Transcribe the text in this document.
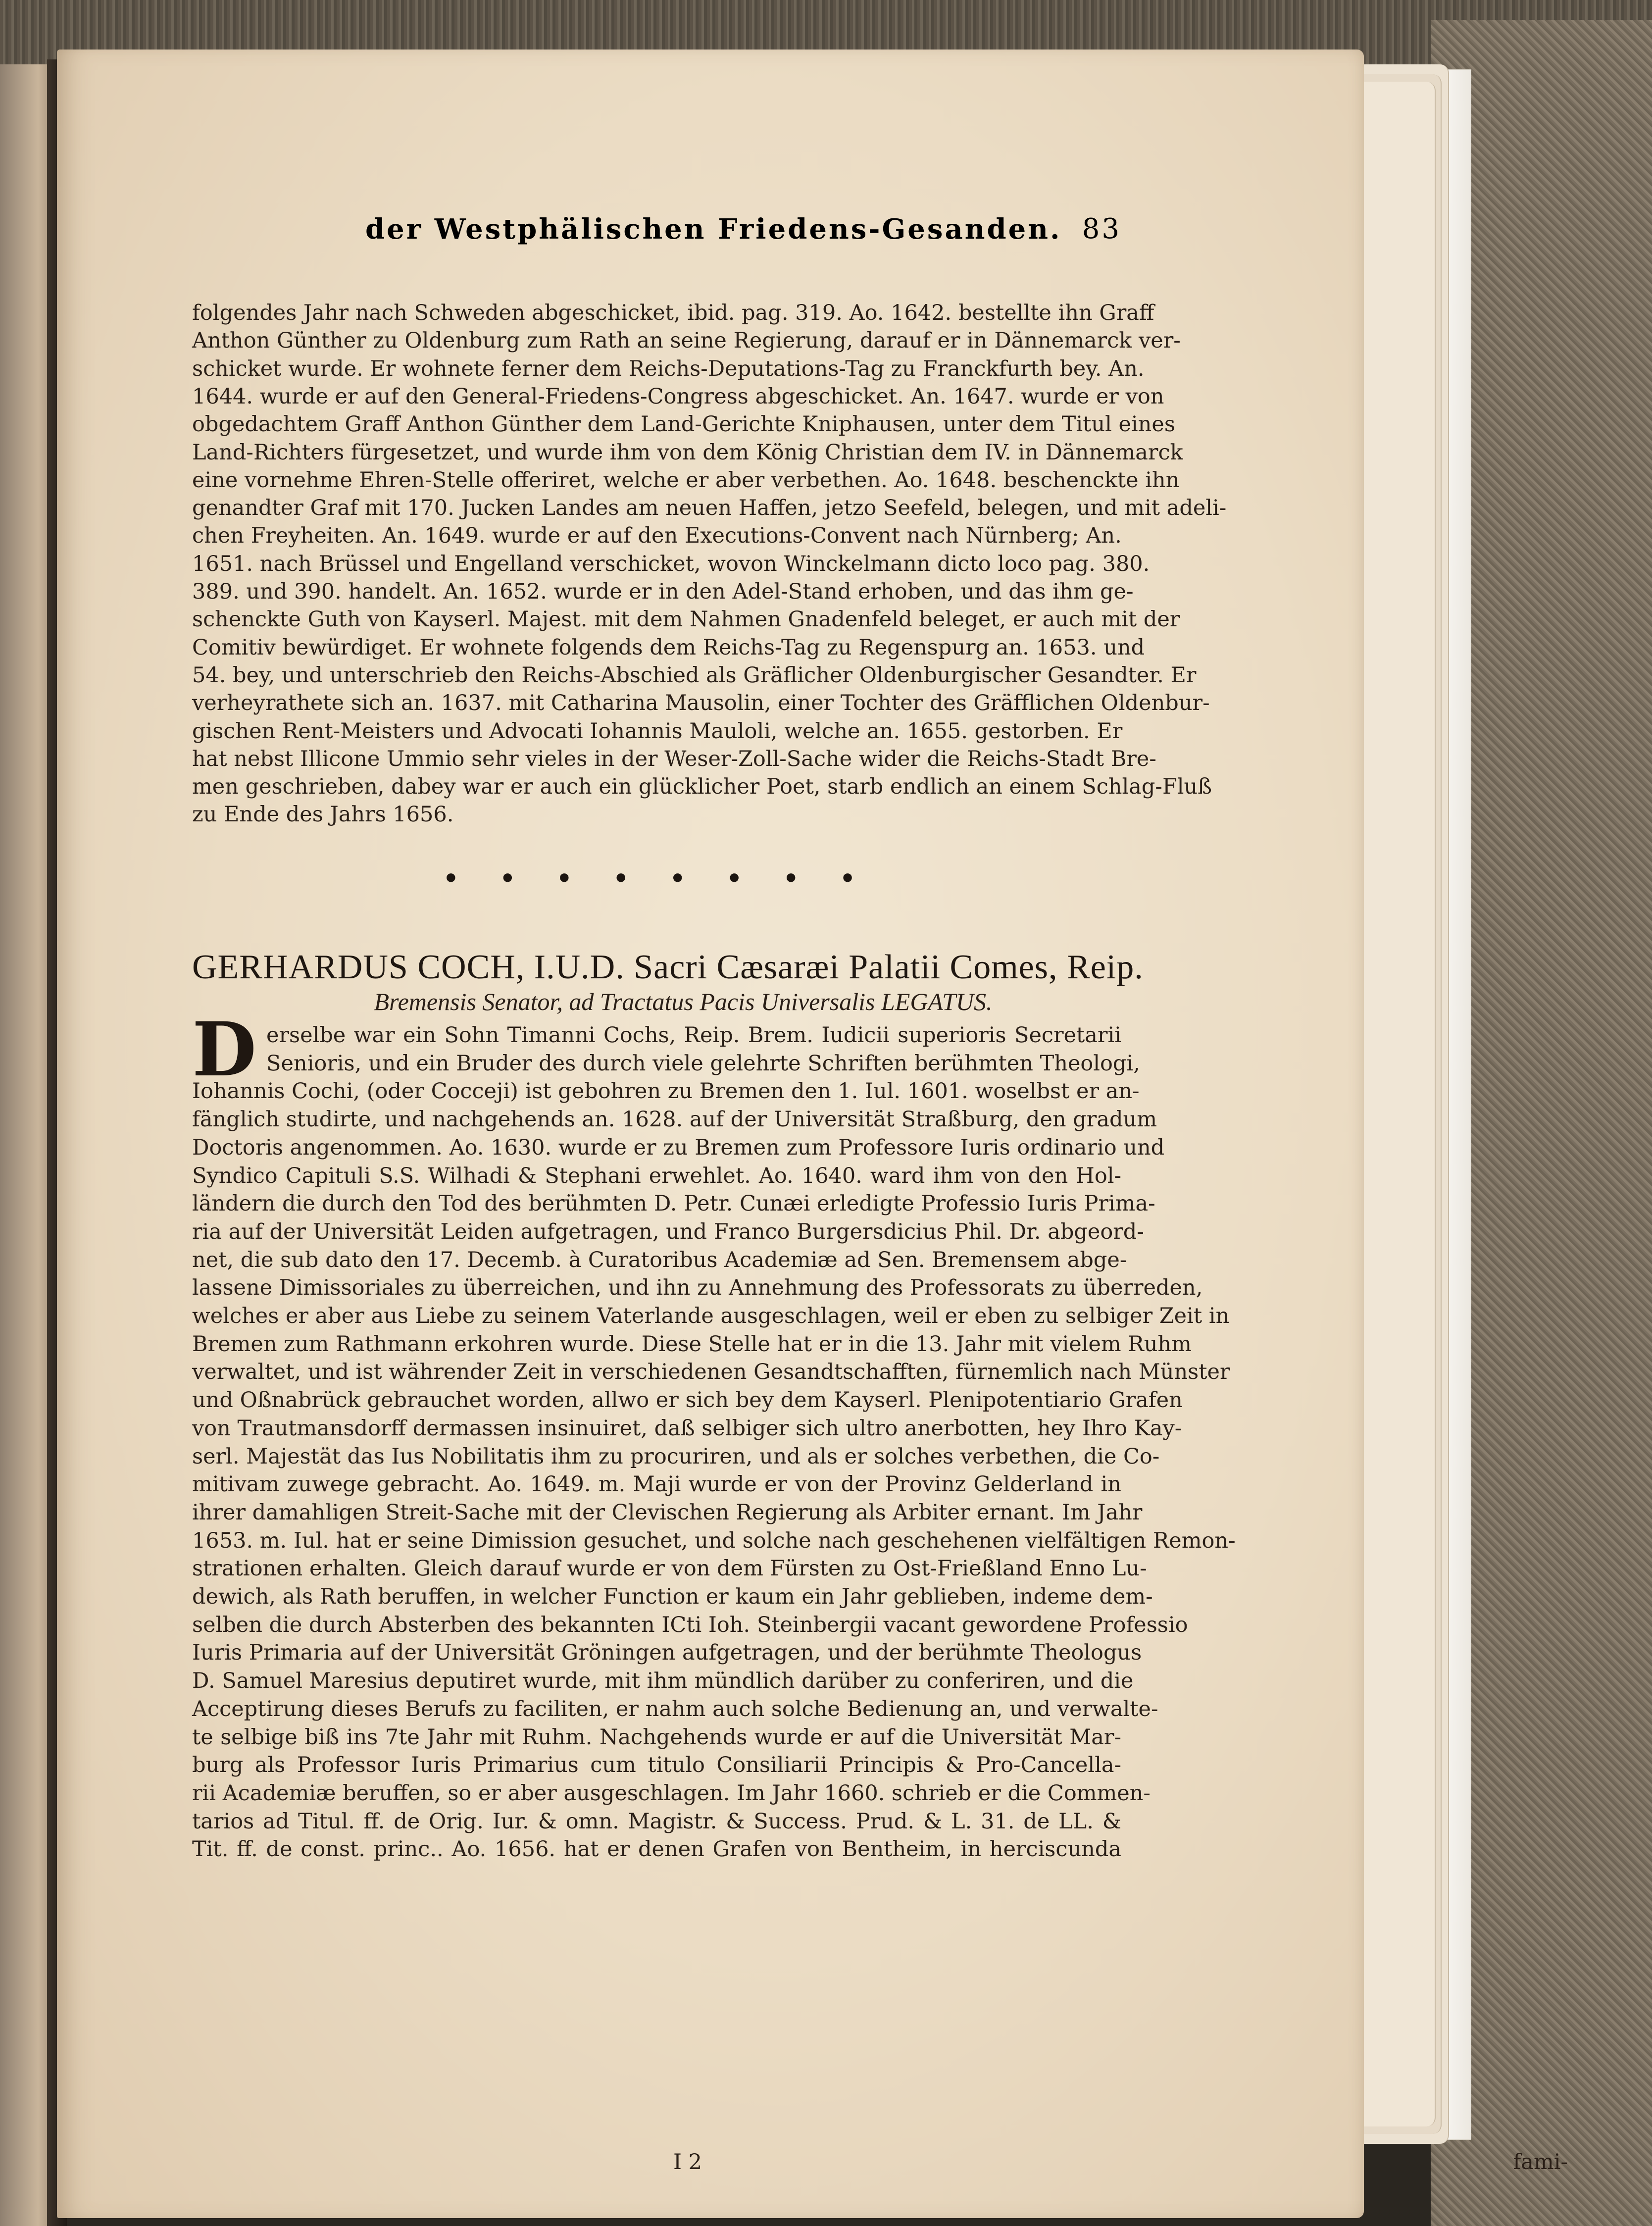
der Westphälischen Friedens-Gesanden. 83
folgendes Jahr nach Schweden abgeschicket, ibid. pag. 319. Ao. 1642. bestellte ihn Graff
Anthon Günther zu Oldenburg zum Rath an seine Regierung, darauf er in Dännemarck ver-
schicket wurde. Er wohnete ferner dem Reichs-Deputations-Tag zu Franckfurth bey. An.
1644. wurde er auf den General-Friedens-Congress abgeschicket. An. 1647. wurde er von
obgedachtem Graff Anthon Günther dem Land-Gerichte Kniphausen, unter dem Titul eines
Land-Richters fürgesetzet, und wurde ihm von dem König Christian dem IV. in Dännemarck
eine vornehme Ehren-Stelle offeriret, welche er aber verbethen. Ao. 1648. beschenckte ihn
genandter Graf mit 170. Jucken Landes am neuen Haffen, jetzo Seefeld, belegen, und mit adeli-
chen Freyheiten. An. 1649. wurde er auf den Executions-Convent nach Nürnberg; An.
1651. nach Brüssel und Engelland verschicket, wovon Winckelmann dicto loco pag. 380.
389. und 390. handelt. An. 1652. wurde er in den Adel-Stand erhoben, und das ihm ge-
schenckte Guth von Kayserl. Majest. mit dem Nahmen Gnadenfeld beleget, er auch mit der
Comitiv bewürdiget. Er wohnete folgends dem Reichs-Tag zu Regenspurg an. 1653. und
54. bey, und unterschrieb den Reichs-Abschied als Gräflicher Oldenburgischer Gesandter. Er
verheyrathete sich an. 1637. mit Catharina Mausolin, einer Tochter des Gräfflichen Oldenbur-
gischen Rent-Meisters und Advocati Iohannis Mauloli, welche an. 1655. gestorben. Er
hat nebst Illicone Ummio sehr vieles in der Weser-Zoll-Sache wider die Reichs-Stadt Bre-
men geschrieben, dabey war er auch ein glücklicher Poet, starb endlich an einem Schlag-Fluß
zu Ende des Jahrs 1656.
• • • • • • • •
GERHARDUS COCH, I.U.D. Sacri Cæsaræi Palatii Comes, Reip.
Bremensis Senator, ad Tractatus Pacis Universalis LEGATUS.
D erselbe war ein Sohn Timanni Cochs, Reip. Brem. Iudicii superioris Secretarii
Senioris, und ein Bruder des durch viele gelehrte Schriften berühmten Theologi,
Iohannis Cochi, (oder Cocceji) ist gebohren zu Bremen den 1. Iul. 1601. woselbst er an-
fänglich studirte, und nachgehends an. 1628. auf der Universität Straßburg, den gradum
Doctoris angenommen. Ao. 1630. wurde er zu Bremen zum Professore Iuris ordinario und
Syndico Capituli S.S. Wilhadi & Stephani erwehlet. Ao. 1640. ward ihm von den Hol-
ländern die durch den Tod des berühmten D. Petr. Cunæi erledigte Professio Iuris Prima-
ria auf der Universität Leiden aufgetragen, und Franco Burgersdicius Phil. Dr. abgeord-
net, die sub dato den 17. Decemb. à Curatoribus Academiæ ad Sen. Bremensem abge-
lassene Dimissoriales zu überreichen, und ihn zu Annehmung des Professorats zu überreden,
welches er aber aus Liebe zu seinem Vaterlande ausgeschlagen, weil er eben zu selbiger Zeit in
Bremen zum Rathmann erkohren wurde. Diese Stelle hat er in die 13. Jahr mit vielem Ruhm
verwaltet, und ist währender Zeit in verschiedenen Gesandtschafften, fürnemlich nach Münster
und Oßnabrück gebrauchet worden, allwo er sich bey dem Kayserl. Plenipotentiario Grafen
von Trautmansdorff dermassen insinuiret, daß selbiger sich ultro anerbotten, hey Ihro Kay-
serl. Majestät das Ius Nobilitatis ihm zu procuriren, und als er solches verbethen, die Co-
mitivam zuwege gebracht. Ao. 1649. m. Maji wurde er von der Provinz Gelderland in
ihrer damahligen Streit-Sache mit der Clevischen Regierung als Arbiter ernant. Im Jahr
1653. m. Iul. hat er seine Dimission gesuchet, und solche nach geschehenen vielfältigen Remon-
strationen erhalten. Gleich darauf wurde er von dem Fürsten zu Ost-Frießland Enno Lu-
dewich, als Rath beruffen, in welcher Function er kaum ein Jahr geblieben, indeme dem-
selben die durch Absterben des bekannten ICti Ioh. Steinbergii vacant gewordene Professio
Iuris Primaria auf der Universität Gröningen aufgetragen, und der berühmte Theologus
D. Samuel Maresius deputiret wurde, mit ihm mündlich darüber zu conferiren, und die
Acceptirung dieses Berufs zu faciliten, er nahm auch solche Bedienung an, und verwalte-
te selbige biß ins 7te Jahr mit Ruhm. Nachgehends wurde er auf die Universität Mar-
burg als Professor Iuris Primarius cum titulo Consiliarii Principis & Pro-Cancella-
rii Academiæ beruffen, so er aber ausgeschlagen. Im Jahr 1660. schrieb er die Commen-
tarios ad Titul. ff. de Orig. Iur. & omn. Magistr. & Success. Prud. & L. 31. de LL. &
Tit. ff. de const. princ.. Ao. 1656. hat er denen Grafen von Bentheim, in herciscunda
I 2	fami-
